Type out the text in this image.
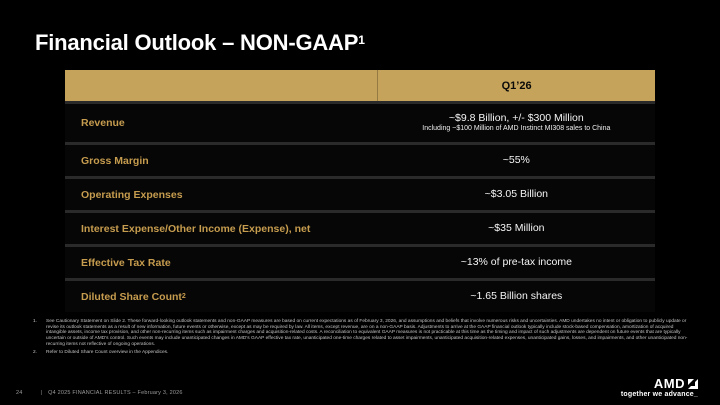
Financial Outlook – NON-GAAP$^1$
Q1’26
Revenue	~$9.8 Billion, +/- $300 Million
Including ~$100 Million of AMD Instinct MI308 sales to China
Gross Margin	~55%
Operating Expenses	~$3.05 Billion
Interest Expense/Other Income (Expense), net	~$35 Million
Effective Tax Rate	~13% of pre-tax income
Diluted Share Count 2	~1.65 Billion shares
1.	See Cautionary Statement on Slide 2. These forward-looking outlook statements and non-GAAP measures are based on current expectations as of February 3, 2026, and assumptions and beliefs that involve numerous risks and uncertainties. AMD undertakes no intent or obligation to publicly update or revise its outlook statements as a result of new information, future events or otherwise, except as may be required by law. All items, except revenue, are on a non-GAAP basis. Adjustments to arrive at the GAAP financial outlook typically include stock-based compensation, amortization of acquired intangible assets, income tax provision, and other non-recurring items such as impairment charges and acquisition-related costs. A reconciliation to equivalent GAAP measures is not practicable at this time as the timing and impact of such adjustments are dependent on future events that are typically uncertain or outside of AMD's control. Such events may include unanticipated changes in AMD's GAAP effective tax rate, unanticipated one-time charges related to asset impairments, unanticipated acquisition-related expenses, unanticipated gains, losses, and impairments, and other unanticipated non-recurring items not reflective of ongoing operations.
2.	Refer to Diluted Share Count overview in the Appendices.
24	| Q4 2025 FINANCIAL RESULTS – February 3, 2026
AMD
together we advance_
